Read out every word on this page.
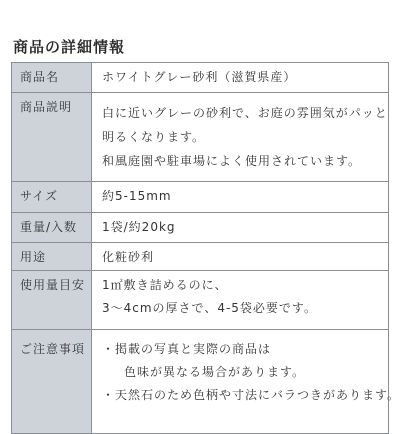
商品の詳細情報
商品名	ホワイトグレー砂利（滋賀県産）

商品説明	白に近いグレーの砂利で、お庭の雰囲気がパッと
明るくなります。
和風庭園や駐車場によく使用されています。

サイズ	約5-15mm

重量/入数	1袋/約20kg

用途	化粧砂利

使用量目安	1㎡敷き詰めるのに、
3～4cmの厚さで、4-5袋必要です。

ご注意事項	・掲載の写真と実際の商品は
色味が異なる場合があります。
・天然石のため色柄や寸法にバラつきがあります。
